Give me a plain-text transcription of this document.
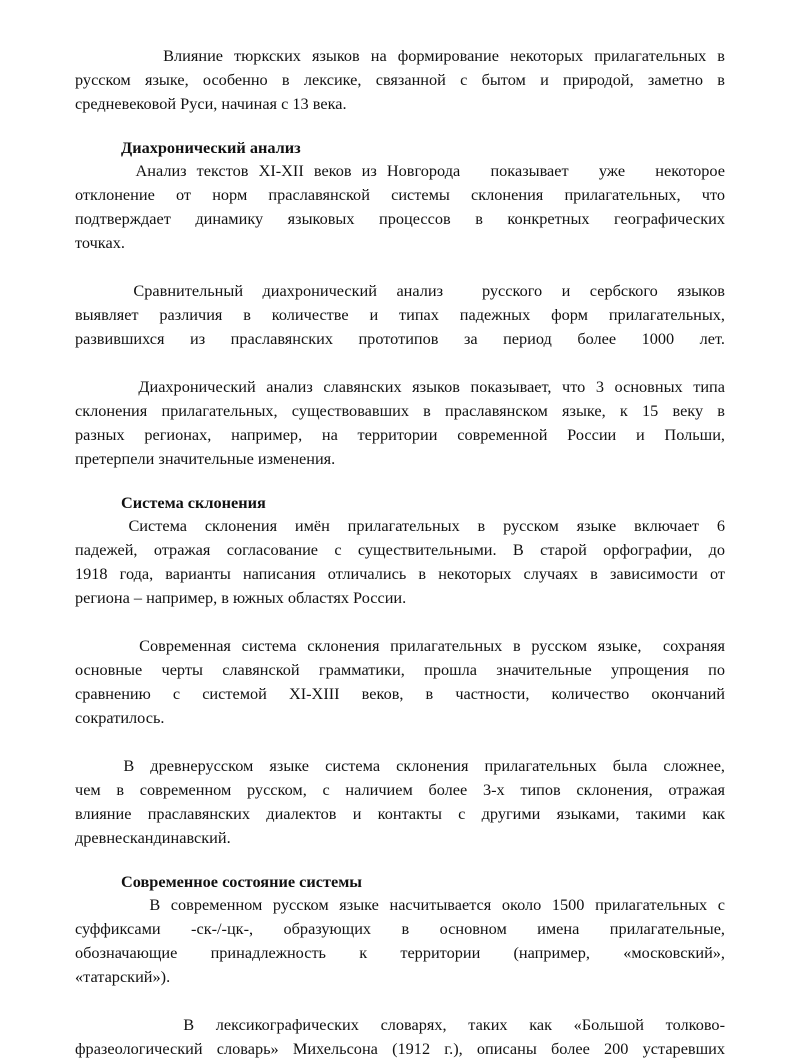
Влияние тюркских языков на формирование некоторых прилагательных в
русском языке, особенно в лексике, связанной с бытом и природой, заметно в
средневековой Руси, начиная с 13 века.

Диахронический анализ

Анализ текстов XI-XII веков из Новгорода   показывает   уже   некоторое
отклонение от норм праславянской системы склонения прилагательных, что
подтверждает динамику языковых процессов в конкретных географических
точках.

Сравнительный  диахронический  анализ    русского  и  сербского  языков
выявляет различия в количестве и типах падежных форм прилагательных,
развившихся из праславянских прототипов за период более 1000 лет.

Диахронический анализ славянских языков показывает, что 3 основных типа
склонения прилагательных, существовавших в праславянском языке, к 15 веку в
разных регионах, например, на территории современной России и Польши,
претерпели значительные изменения.

Система склонения

Система  склонения  имён  прилагательных  в  русском  языке  включает  6
падежей, отражая согласование с существительными. В старой орфографии, до
1918 года, варианты написания отличались в некоторых случаях в зависимости от
региона – например, в южных областях России.

Современная система склонения прилагательных в русском языке,  сохраняя
основные черты славянской грамматики, прошла значительные упрощения по
сравнению с системой XI-XIII веков, в частности, количество окончаний
сократилось.

В  древнерусском  языке  система  склонения  прилагательных  была  сложнее,
чем в современном русском, с наличием более 3-х типов склонения, отражая
влияние праславянских диалектов и контакты с другими языками, такими как
древнескандинавский.

Современное состояние системы

В современном русском языке насчитывается около 1500 прилагательных с
суффиксами -ск-/-цк-, образующих в основном имена прилагательные,
обозначающие принадлежность к территории (например, «московский»,
«татарский»).

В  лексикографических  словарях,  таких  как  «Большой  толково-
фразеологический словарь» Михельсона (1912 г.), описаны более 200 устаревших
